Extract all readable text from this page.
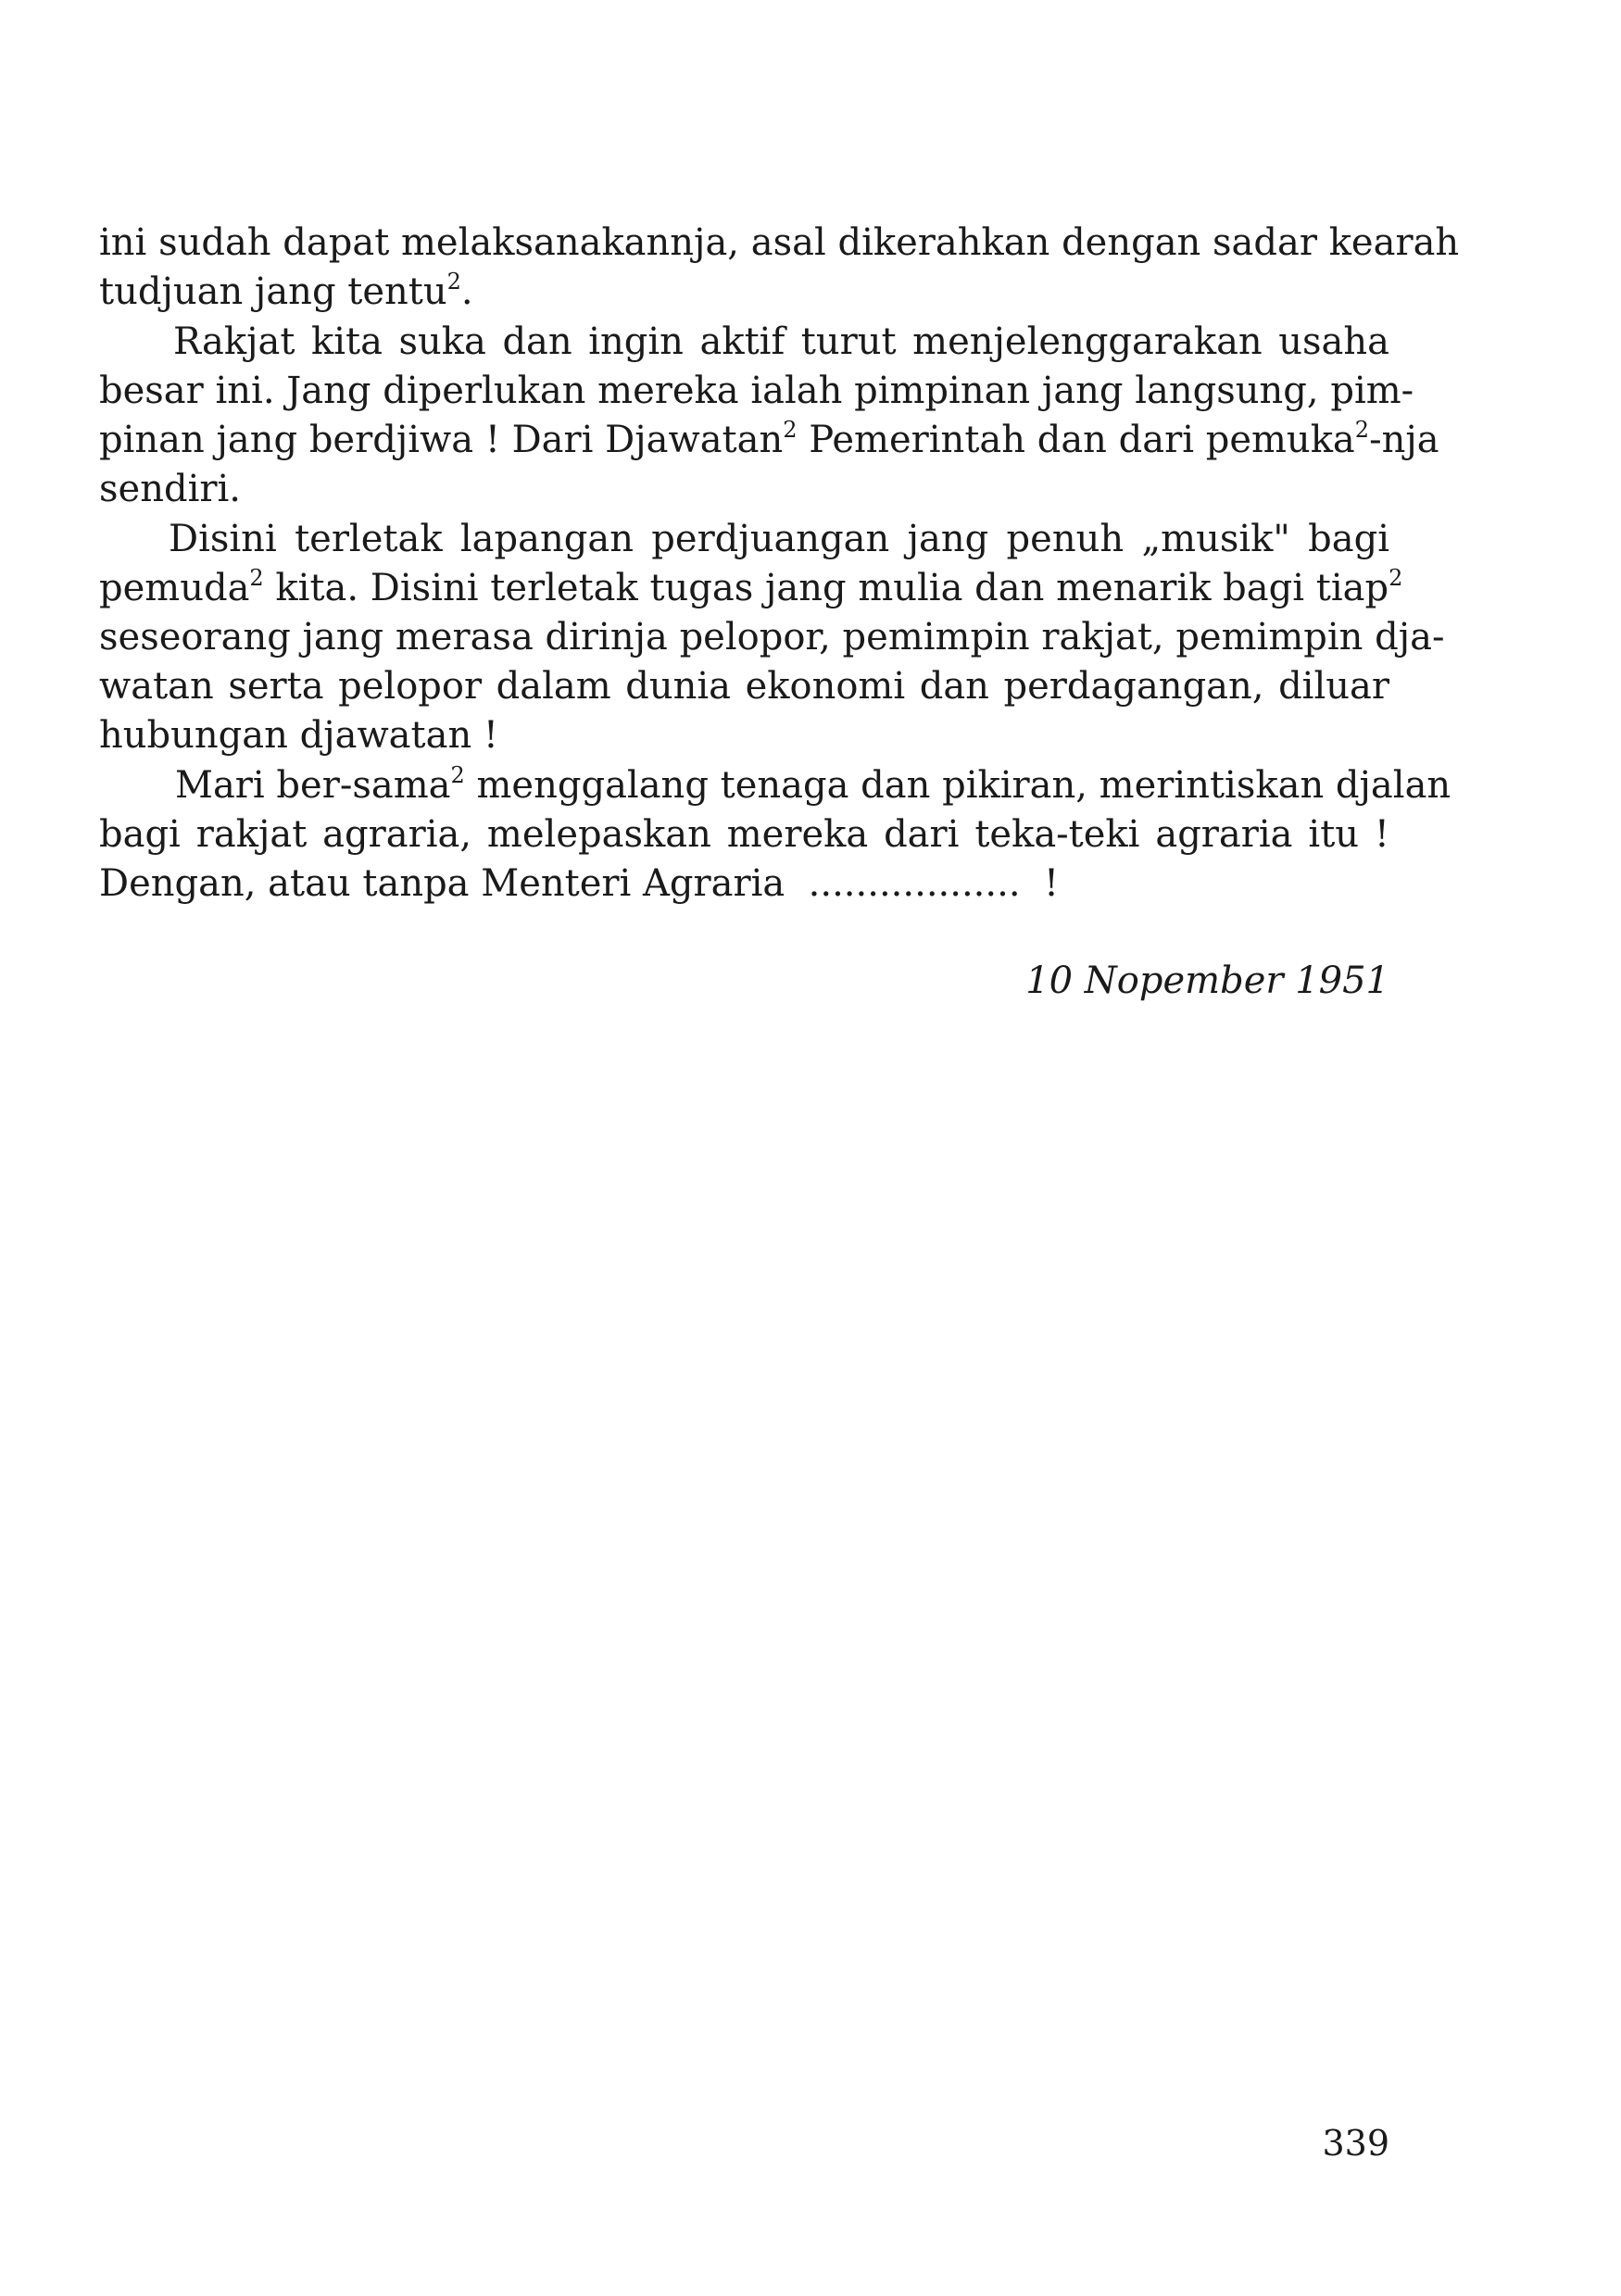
ini sudah dapat melaksanakannja, asal dikerahkan dengan sadar kearah
tudjuan jang tentu$^2$.
Rakjat kita suka dan ingin aktif turut menjelenggarakan usaha
besar ini. Jang diperlukan mereka ialah pimpinan jang langsung, pim-
pinan jang berdjiwa ! Dari Djawatan$^2$ Pemerintah dan dari pemuka$^2$-nja
sendiri.
Disini terletak lapangan perdjuangan jang penuh „musik" bagi
pemuda$^2$ kita. Disini terletak tugas jang mulia dan menarik bagi tiap$^2$
seseorang jang merasa dirinja pelopor, pemimpin rakjat, pemimpin dja-
watan serta pelopor dalam dunia ekonomi dan perdagangan, diluar
hubungan djawatan !
Mari ber-sama$^2$ menggalang tenaga dan pikiran, merintiskan djalan
bagi rakjat agraria, melepaskan mereka dari teka-teki agraria itu !
Dengan, atau tanpa Menteri Agraria  ..................  !
10 Nopember 1951
339
